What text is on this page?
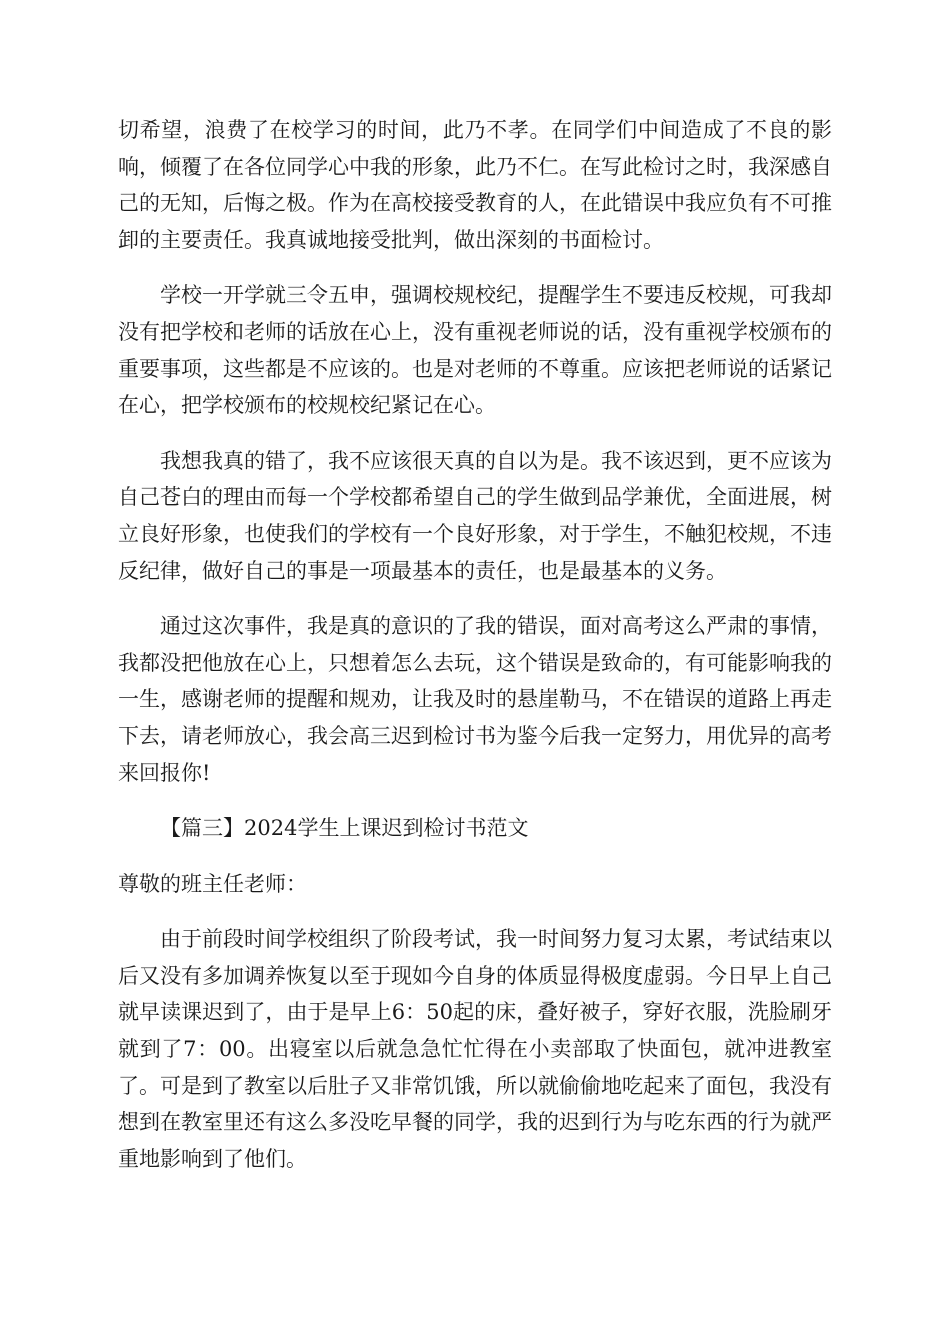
切希望，浪费了在校学习的时间，此乃不孝。在同学们中间造成了不良的影响，倾覆了在各位同学心中我的形象，此乃不仁。在写此检讨之时，我深感自己的无知，后悔之极。作为在高校接受教育的人，在此错误中我应负有不可推卸的主要责任。我真诚地接受批判，做出深刻的书面检讨。

学校一开学就三令五申，强调校规校纪，提醒学生不要违反校规，可我却没有把学校和老师的话放在心上，没有重视老师说的话，没有重视学校颁布的重要事项，这些都是不应该的。也是对老师的不尊重。应该把老师说的话紧记在心，把学校颁布的校规校纪紧记在心。

我想我真的错了，我不应该很天真的自以为是。我不该迟到，更不应该为自己苍白的理由而每一个学校都希望自己的学生做到品学兼优，全面进展，树立良好形象，也使我们的学校有一个良好形象，对于学生，不触犯校规，不违反纪律，做好自己的事是一项最基本的责任，也是最基本的义务。

通过这次事件，我是真的意识的了我的错误，面对高考这么严肃的事情，我都没把他放在心上，只想着怎么去玩，这个错误是致命的，有可能影响我的一生，感谢老师的提醒和规劝，让我及时的悬崖勒马，不在错误的道路上再走下去，请老师放心，我会高三迟到检讨书为鉴今后我一定努力，用优异的高考来回报你!

【篇三】2024学生上课迟到检讨书范文

尊敬的班主任老师：

由于前段时间学校组织了阶段考试，我一时间努力复习太累，考试结束以后又没有多加调养恢复以至于现如今自身的体质显得极度虚弱。今日早上自己就早读课迟到了，由于是早上6：50起的床，叠好被子，穿好衣服，洗脸刷牙就到了7：00。出寝室以后就急急忙忙得在小卖部取了快面包，就冲进教室了。可是到了教室以后肚子又非常饥饿，所以就偷偷地吃起来了面包，我没有想到在教室里还有这么多没吃早餐的同学，我的迟到行为与吃东西的行为就严重地影响到了他们。
